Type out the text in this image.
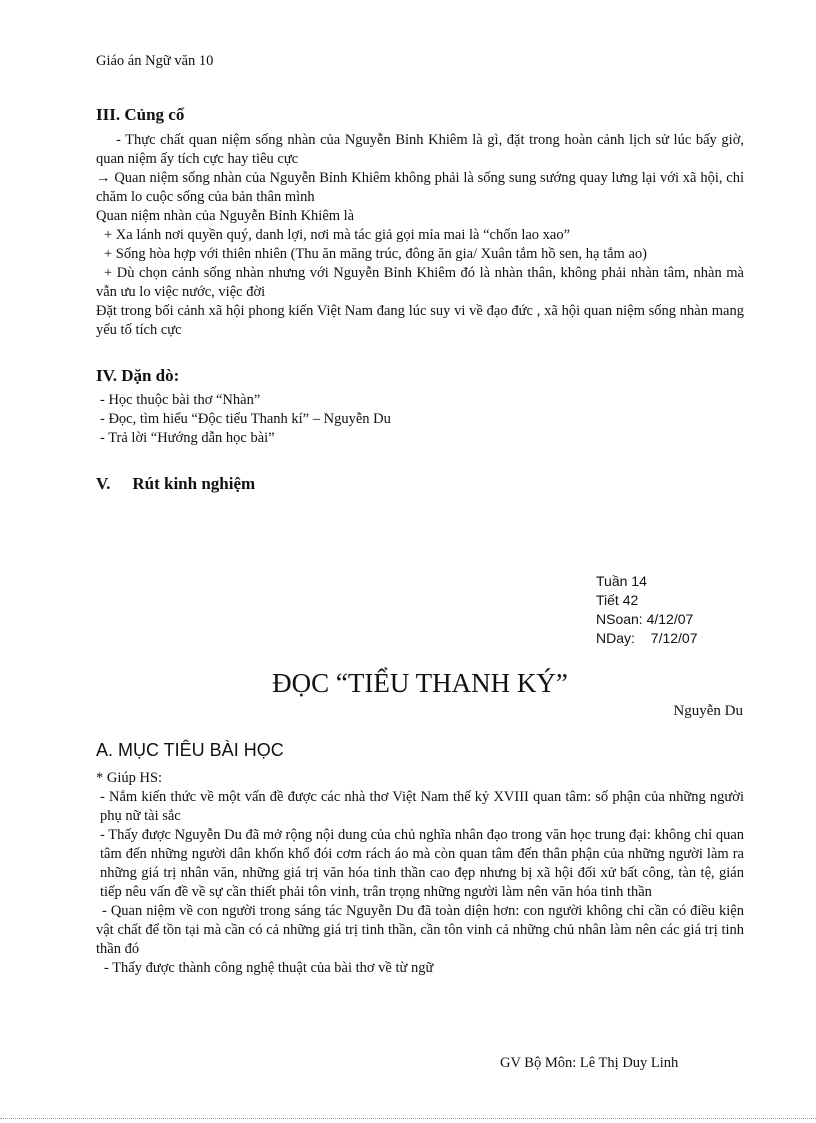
Giáo án Ngữ văn 10
III. Củng cố

- Thực chất quan niệm sống nhàn của Nguyễn Bỉnh Khiêm là gì, đặt trong hoàn cảnh lịch sử lúc bấy giờ, quan niệm ấy tích cực hay tiêu cực

→ Quan niệm sống nhàn của Nguyễn Bỉnh Khiêm không phải là sống sung sướng quay lưng lại với xã hội, chỉ chăm lo cuộc sống của bản thân mình

Quan niệm nhàn của Nguyễn Bỉnh Khiêm là

+ Xa lánh nơi quyền quý, danh lợi, nơi mà tác giả gọi mỉa mai là “chốn lao xao”

+ Sống hòa hợp với thiên nhiên (Thu ăn măng trúc, đông ăn gia/ Xuân tắm hồ sen, hạ tắm ao)

+ Dù chọn cảnh sống nhàn nhưng với Nguyễn Bỉnh Khiêm đó là nhàn thân, không phải nhàn tâm, nhàn mà vẫn ưu lo việc nước, việc đời

Đặt trong bối cảnh xã hội phong kiến Việt Nam đang lúc suy vi về đạo đức , xã hội quan niệm sống nhàn mang yếu tố tích cực

IV. Dặn dò:

- Học thuộc bài thơ “Nhàn”

- Đọc, tìm hiểu “Độc tiểu Thanh kí” – Nguyễn Du

- Trả lời “Hướng dẫn học bài”

V. Rút kinh nghiệm
Tuần 14
Tiết 42
NSoan: 4/12/07
NDay: 7/12/07
ĐỌC “TIỂU THANH KÝ”
Nguyễn Du
A. MỤC TIÊU BÀI HỌC

* Giúp HS:

- Nắm kiến thức về một vấn đề được các nhà thơ Việt Nam thế kỷ XVIII quan tâm: số phận của những người phụ nữ tài sắc

- Thấy được Nguyễn Du đã mở rộng nội dung của chủ nghĩa nhân đạo trong văn học trung đại: không chỉ quan tâm đến những người dân khốn khổ đói cơm rách áo mà còn quan tâm đến thân phận của những người làm ra những giá trị nhân văn, những giá trị văn hóa tinh thần cao đẹp nhưng bị xã hội đối xử bất công, tàn tệ, gián tiếp nêu vấn đề về sự cần thiết phải tôn vinh, trân trọng những người làm nên văn hóa tinh thần

- Quan niệm về con người trong sáng tác Nguyễn Du đã toàn diện hơn: con người không chỉ cần có điều kiện vật chất để tồn tại mà cần có cả những giá trị tinh thần, cần tôn vinh cả những chủ nhân làm nên các giá trị tinh thần đó

- Thấy được thành công nghệ thuật của bài thơ về từ ngữ

GV Bộ Môn: Lê Thị Duy Linh
